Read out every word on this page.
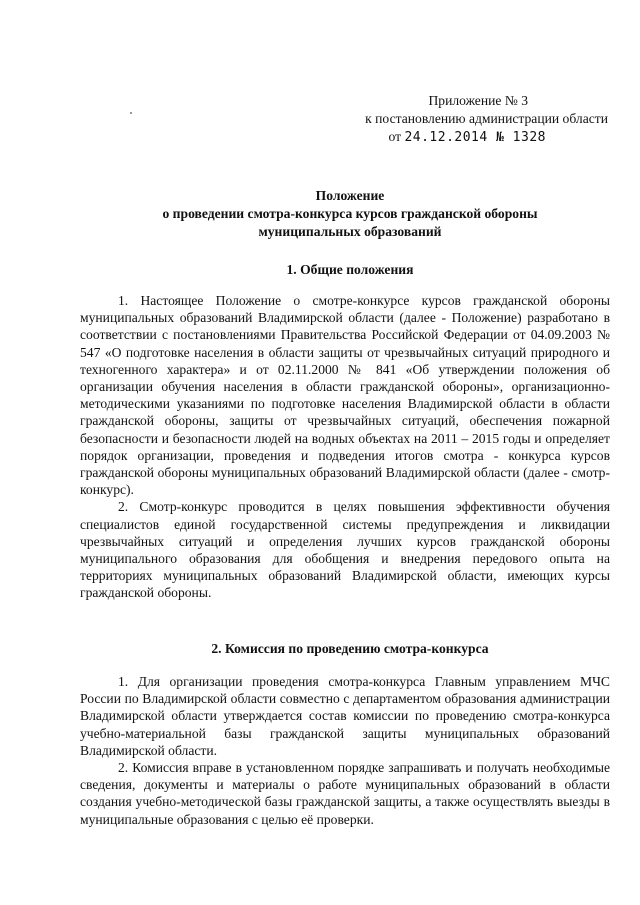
Приложение № 3
к постановлению администрации области
от 24.12.2014 № 1328
Положение
о проведении смотра-конкурса курсов гражданской обороны
муниципальных образований
1. Общие положения

1. Настоящее Положение о смотре-конкурсе курсов гражданской обороны муниципальных образований Владимирской области (далее - Положение) разработано в соответствии с постановлениями Правительства Российской Федерации от 04.09.2003 № 547 «О подготовке населения в области защиты от чрезвычайных ситуаций природного и техногенного характера» и от 02.11.2000 № 841 «Об утверждении положения об организации обучения населения в области гражданской обороны», организационно-методическими указаниями по подготовке населения Владимирской области в области гражданской обороны, защиты от чрезвычайных ситуаций, обеспечения пожарной безопасности и безопасности людей на водных объектах на 2011 – 2015 годы и определяет порядок организации, проведения и подведения итогов смотра - конкурса курсов гражданской обороны муниципальных образований Владимирской области (далее - смотр-конкурс).

2. Смотр-конкурс проводится в целях повышения эффективности обучения специалистов единой государственной системы предупреждения и ликвидации чрезвычайных ситуаций и определения лучших курсов гражданской обороны муниципального образования для обобщения и внедрения передового опыта на территориях муниципальных образований Владимирской области, имеющих курсы гражданской обороны.

2. Комиссия по проведению смотра-конкурса

1. Для организации проведения смотра-конкурса Главным управлением МЧС России по Владимирской области совместно с департаментом образования администрации Владимирской области утверждается состав комиссии по проведению смотра-конкурса учебно-материальной базы гражданской защиты муниципальных образований Владимирской области.

2. Комиссия вправе в установленном порядке запрашивать и получать необходимые сведения, документы и материалы о работе муниципальных образований в области создания учебно-методической базы гражданской защиты, а также осуществлять выезды в муниципальные образования с целью её проверки.
